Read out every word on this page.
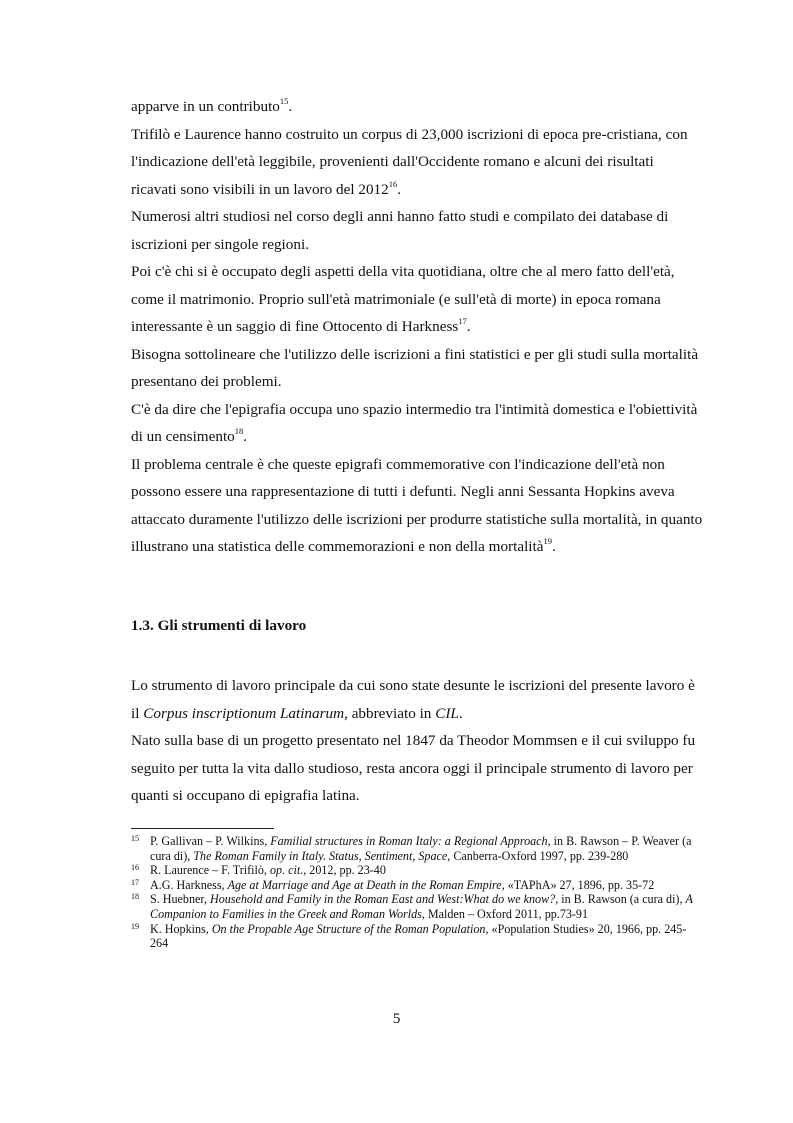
apparve in un contributo$^{15}$.

Trifilò e Laurence hanno costruito un corpus di 23,000 iscrizioni di epoca pre-cristiana, con l'indicazione dell'età leggibile, provenienti dall'Occidente romano e alcuni dei risultati ricavati sono visibili in un lavoro del 2012$^{16}$.

Numerosi altri studiosi nel corso degli anni hanno fatto studi e compilato dei database di iscrizioni per singole regioni.

Poi c'è chi si è occupato degli aspetti della vita quotidiana, oltre che al mero fatto dell'età, come il matrimonio. Proprio sull'età matrimoniale (e sull'età di morte) in epoca romana interessante è un saggio di fine Ottocento di Harkness$^{17}$.

Bisogna sottolineare che l'utilizzo delle iscrizioni a fini statistici e per gli studi sulla mortalità presentano dei problemi.

C'è da dire che l'epigrafia occupa uno spazio intermedio tra l'intimità domestica e l'obiettività di un censimento$^{18}$.

Il problema centrale è che queste epigrafi commemorative con l'indicazione dell'età non possono essere una rappresentazione di tutti i defunti. Negli anni Sessanta Hopkins aveva attaccato duramente l'utilizzo delle iscrizioni per produrre statistiche sulla mortalità, in quanto illustrano una statistica delle commemorazioni e non della mortalità$^{19}$.

1.3. Gli strumenti di lavoro

Lo strumento di lavoro principale da cui sono state desunte le iscrizioni del presente lavoro è il Corpus inscriptionum Latinarum, abbreviato in CIL.

Nato sulla base di un progetto presentato nel 1847 da Theodor Mommsen e il cui sviluppo fu seguito per tutta la vita dallo studioso, resta ancora oggi il principale strumento di lavoro per quanti si occupano di epigrafia latina.

15 P. Gallivan – P. Wilkins, Familial structures in Roman Italy: a Regional Approach, in B. Rawson – P. Weaver (a cura di), The Roman Family in Italy. Status, Sentiment, Space, Canberra-Oxford 1997, pp. 239-280
16 R. Laurence – F. Trifilò, op. cit., 2012, pp. 23-40
17 A.G. Harkness, Age at Marriage and Age at Death in the Roman Empire, «TAPhA» 27, 1896, pp. 35-72
18 S. Huebner, Household and Family in the Roman East and West:What do we know?, in B. Rawson (a cura di), A Companion to Families in the Greek and Roman Worlds, Malden – Oxford 2011, pp.73-91
19 K. Hopkins, On the Propable Age Structure of the Roman Population, «Population Studies» 20, 1966, pp. 245-264
5
